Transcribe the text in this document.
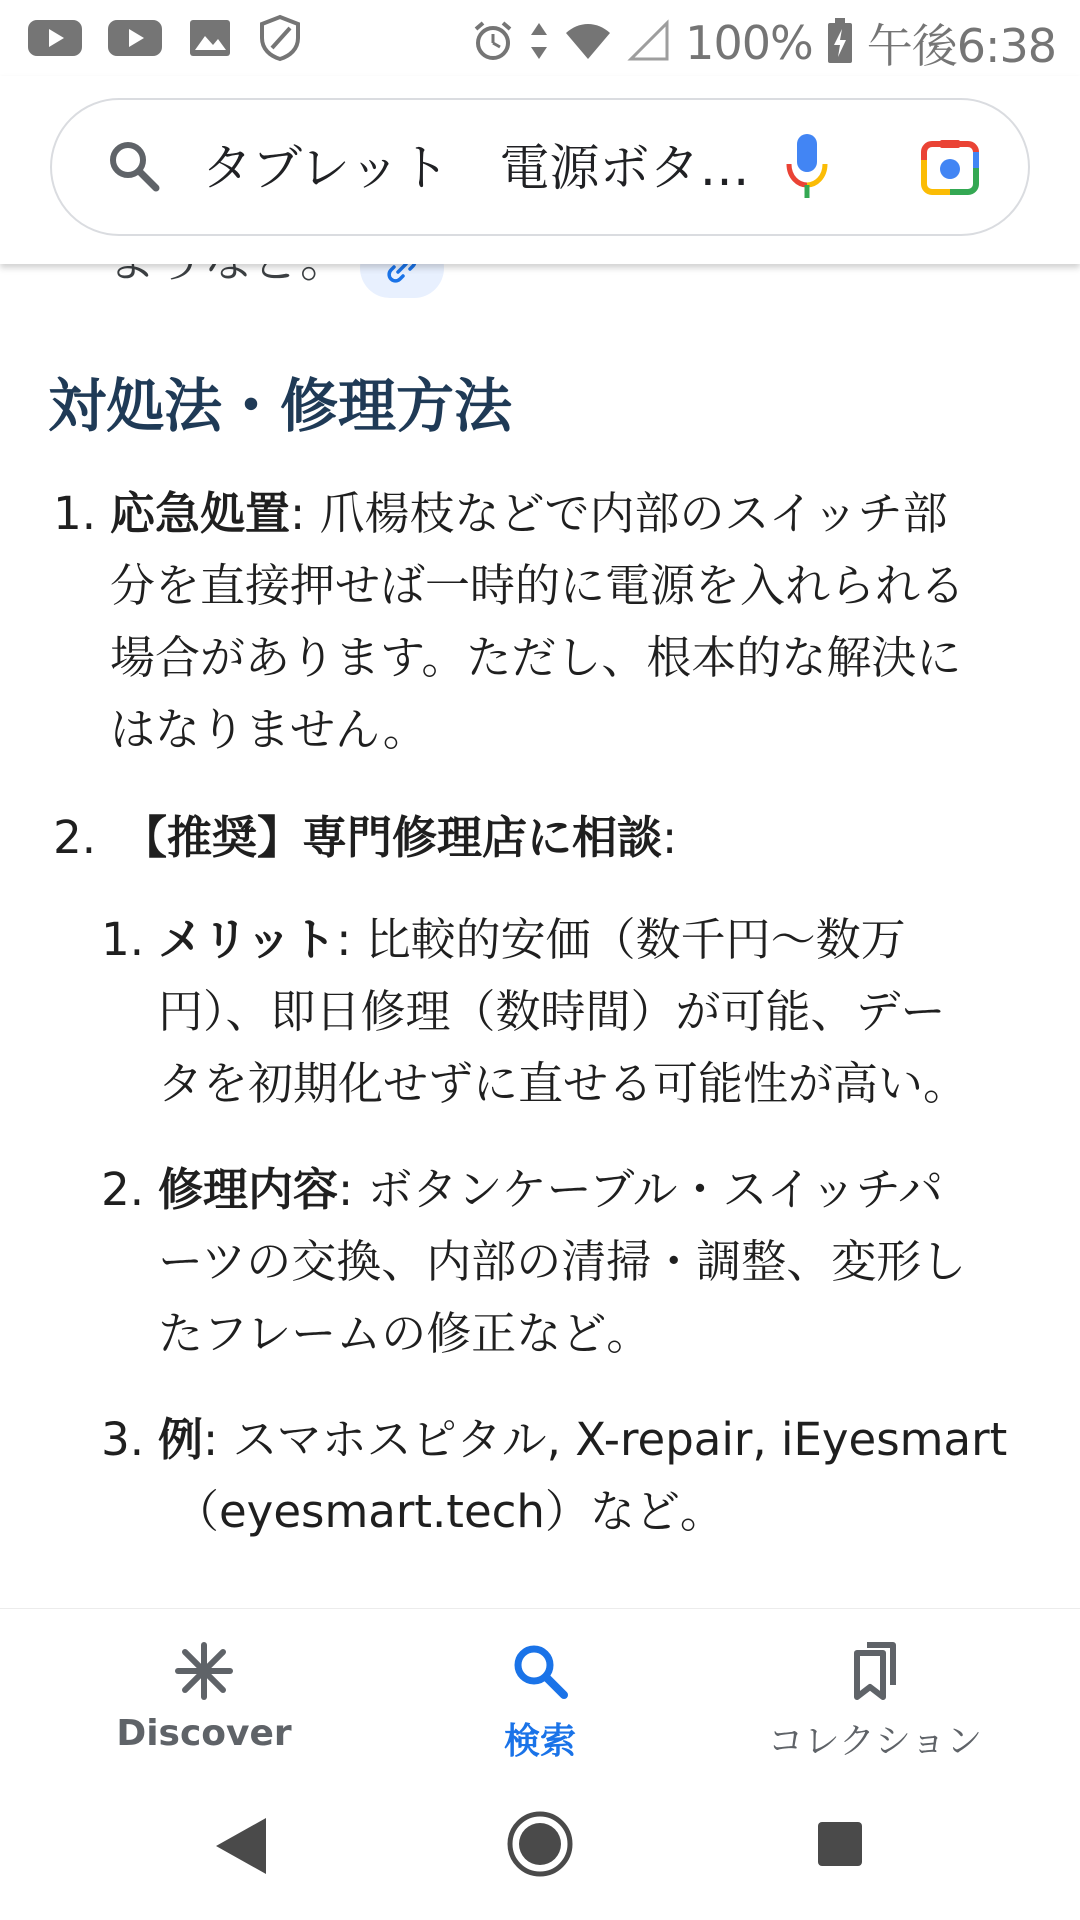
100% 午後6:38
対処法・修理方法
1. 応急処置: 爪楊枝などで内部のスイッチ部
分を直接押せば一時的に電源を入れられる
場合があります。ただし、根本的な解決に
はなりません。
2. 【推奨】専門修理店に相談:
1. メリット: 比較的安価（数千円～数万
円）、即日修理（数時間）が可能、デー
タを初期化せずに直せる可能性が高い。
2. 修理内容: ボタンケーブル・スイッチパ
ーツの交換、内部の清掃・調整、変形し
たフレームの修正など。
3. 例: スマホスピタル, X-repair, iEyesmart
（eyesmart.tech）など。
タブレット　電源ボタ…
Discover	検索	コレクション
